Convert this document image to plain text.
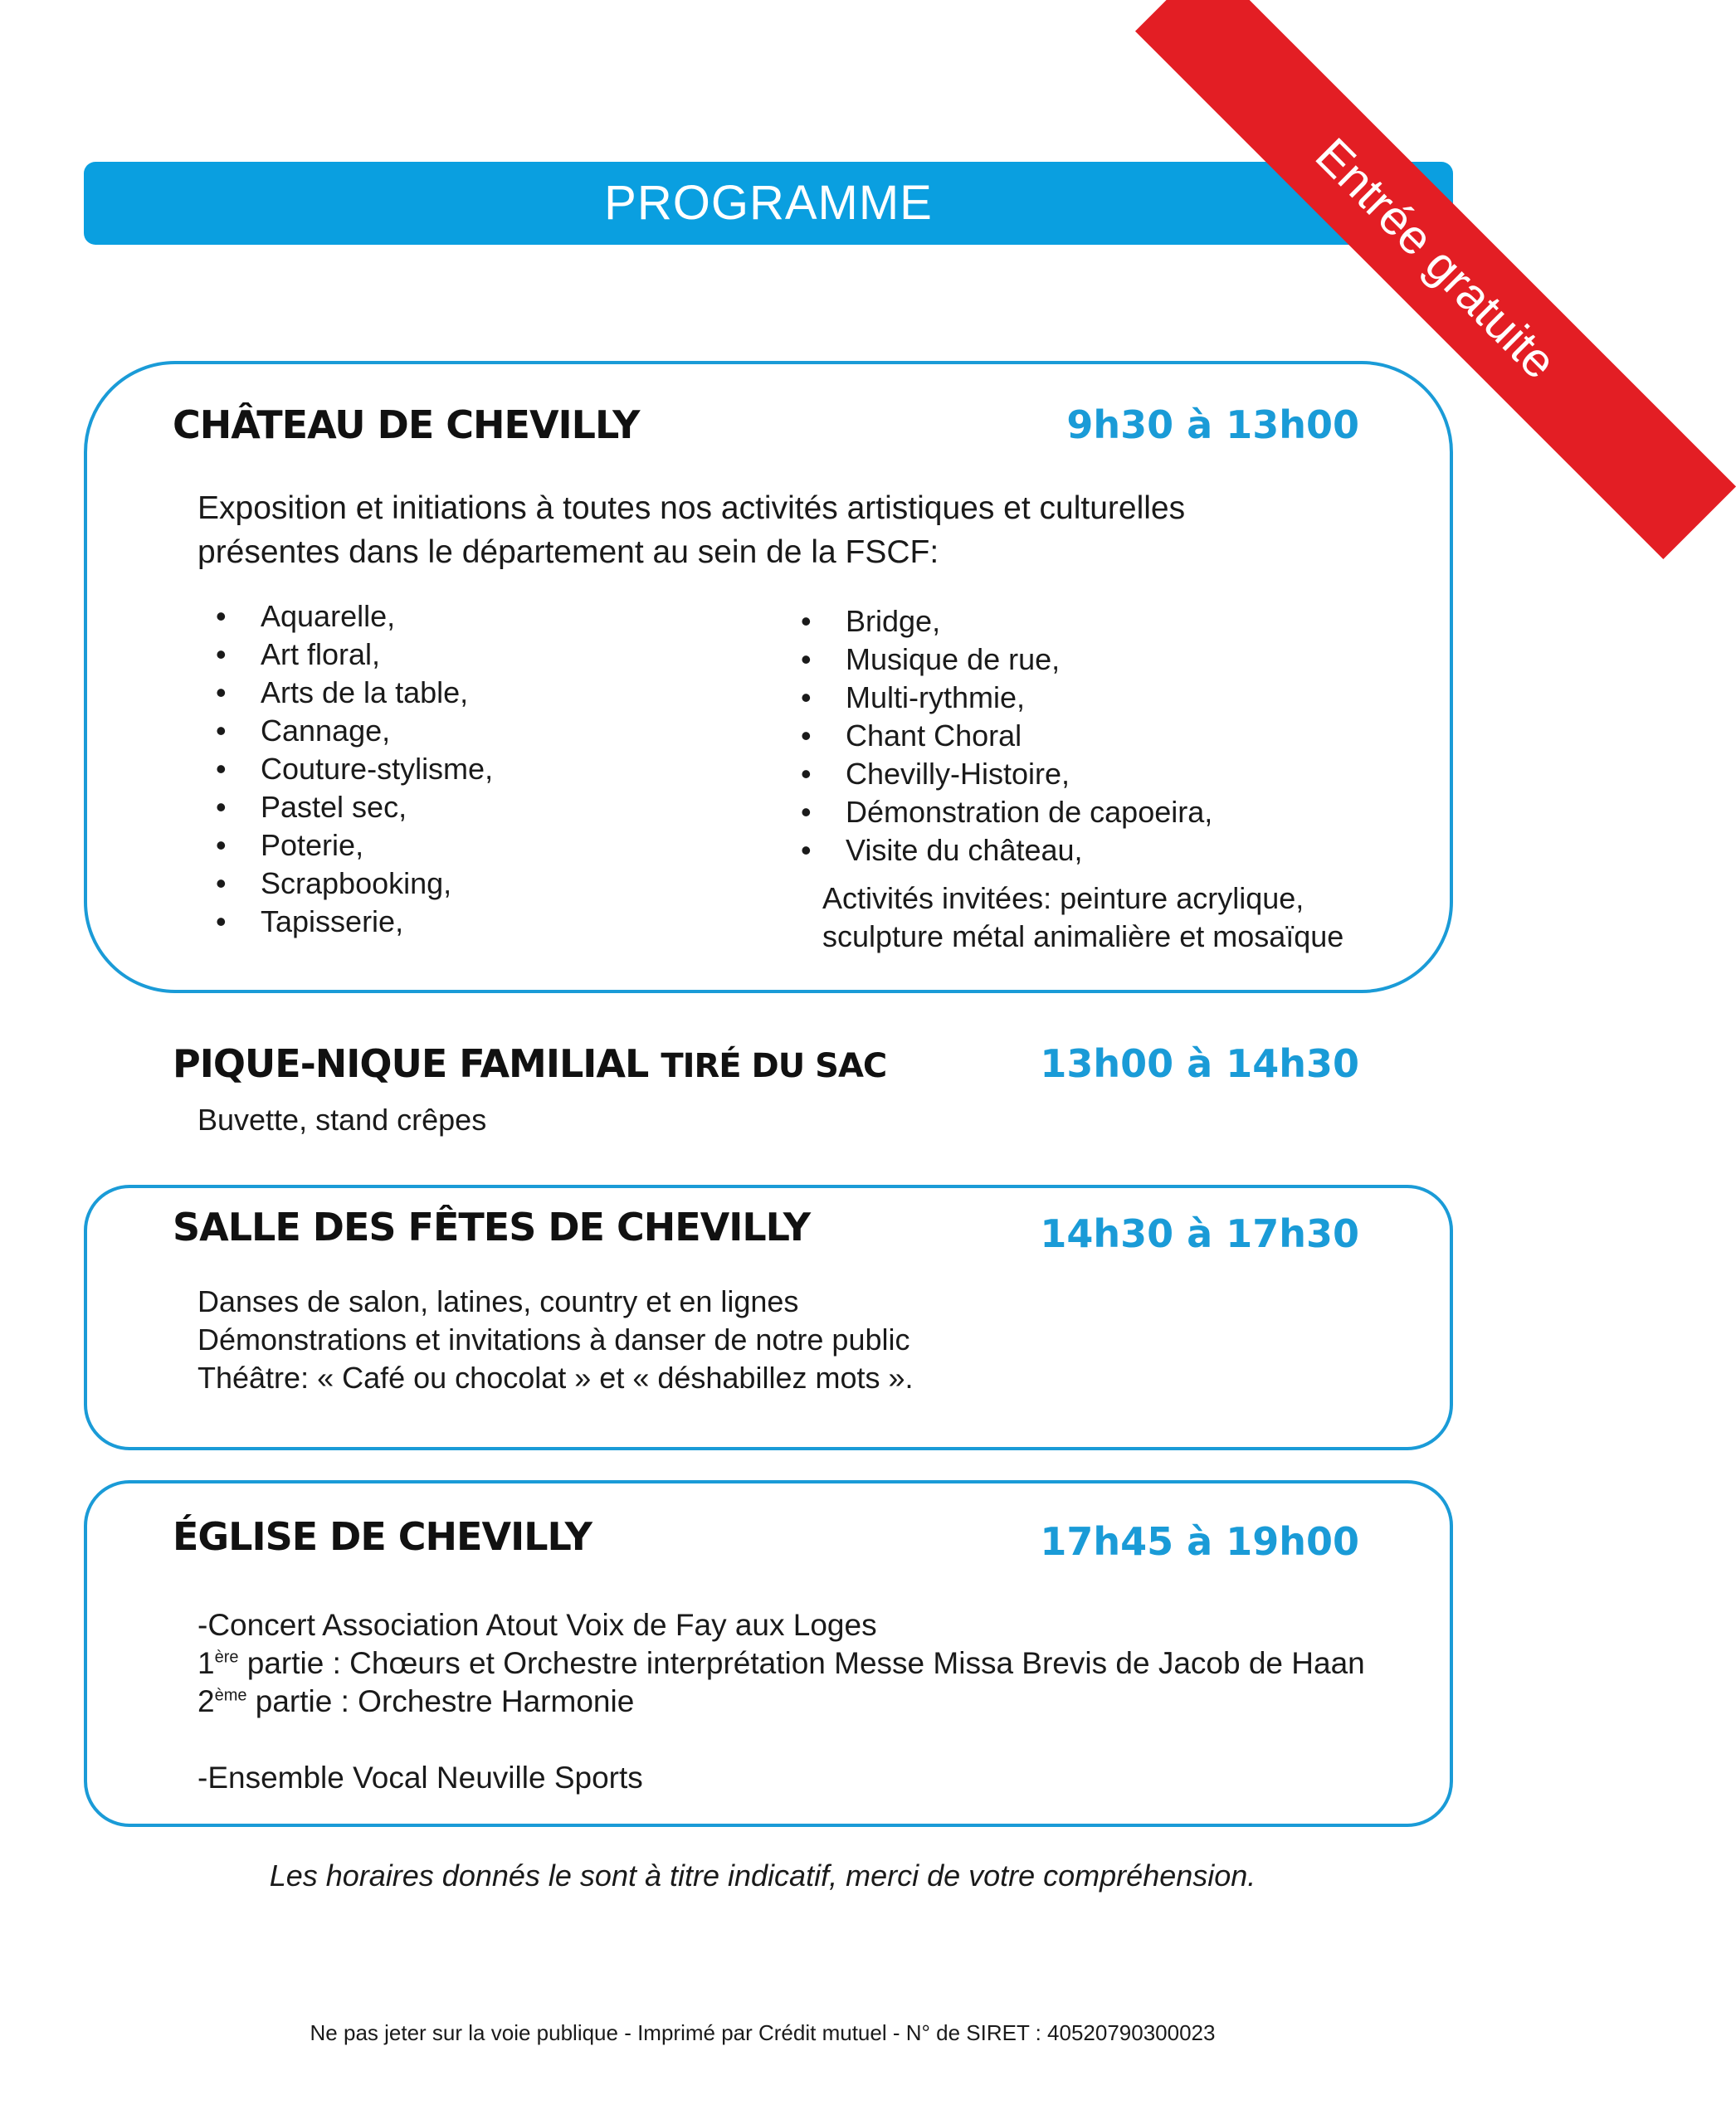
PROGRAMME
CHÂTEAU DE CHEVILLY	9h30 à 13h00
Exposition et initiations à toutes nos activités artistiques et culturelles
présentes dans le département au sein de la FSCF:
• Aquarelle,
• Art floral,
• Arts de la table,
• Cannage,
• Couture-stylisme,
• Pastel sec,
• Poterie,
• Scrapbooking,
• Tapisserie,
• Bridge,
• Musique de rue,
• Multi-rythmie,
• Chant Choral
• Chevilly-Histoire,
• Démonstration de capoeira,
• Visite du château,
Activités invitées: peinture acrylique,
sculpture métal animalière et mosaïque
PIQUE-NIQUE FAMILIAL TIRÉ DU SAC	13h00 à 14h30
Buvette, stand crêpes
SALLE DES FÊTES DE CHEVILLY	14h30 à 17h30
Danses de salon, latines, country et en lignes
Démonstrations et invitations à danser de notre public
Théâtre: « Café ou chocolat » et « déshabillez mots ».
ÉGLISE DE CHEVILLY	17h45 à 19h00
-Concert Association Atout Voix de Fay aux Loges
1ère partie : Chœurs et Orchestre interprétation Messe Missa Brevis de Jacob de Haan
2ème partie : Orchestre Harmonie
-Ensemble Vocal Neuville Sports
Les horaires donnés le sont à titre indicatif, merci de votre compréhension.
Ne pas jeter sur la voie publique - Imprimé par Crédit mutuel - N° de SIRET : 40520790300023
Entrée gratuite
